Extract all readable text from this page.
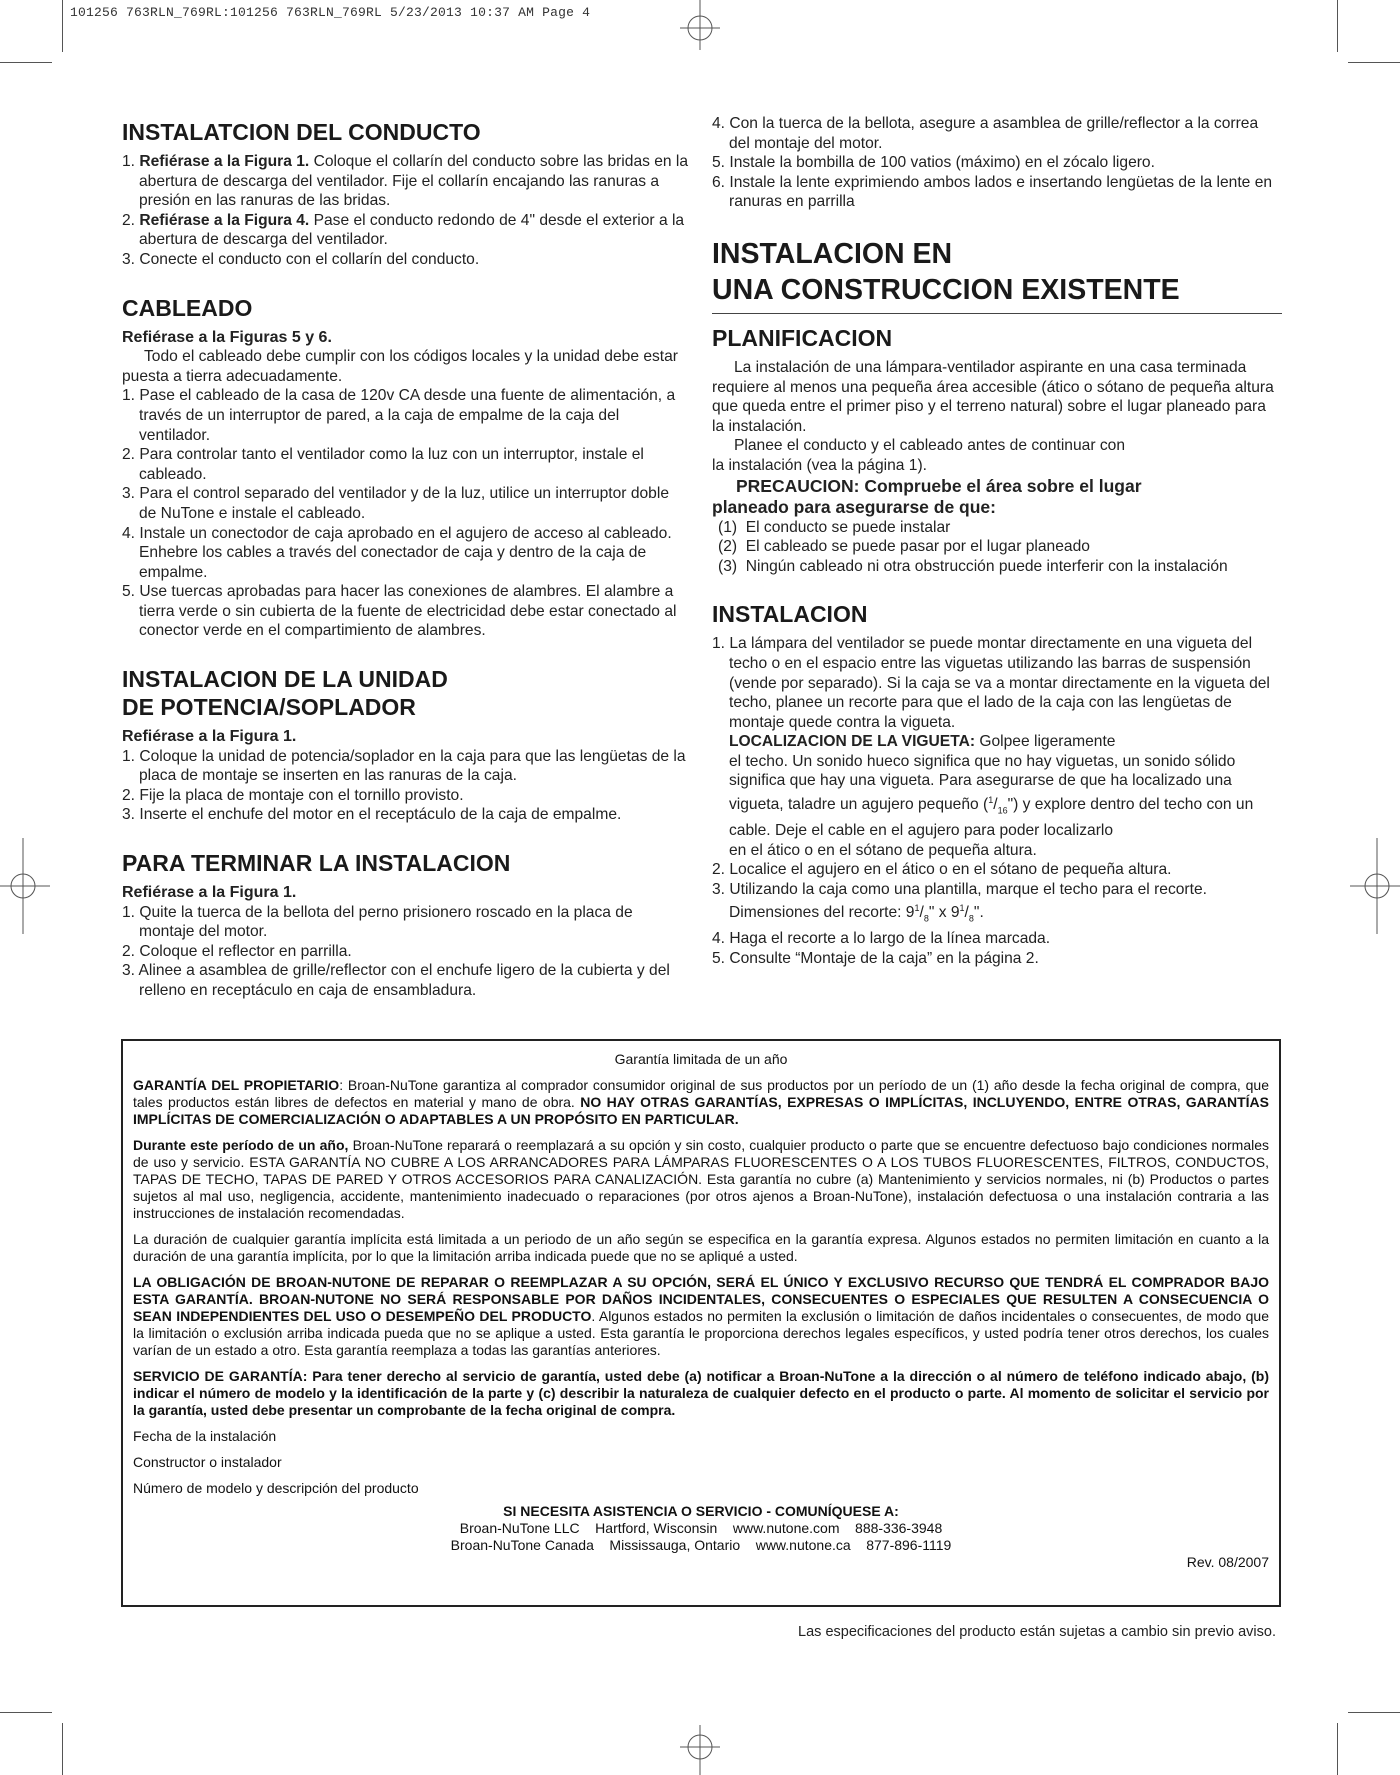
101256 763RLN_769RL:101256 763RLN_769RL 5/23/2013 10:37 AM Page 4
INSTALATCION DEL CONDUCTO
1. Refiérase a la Figura 1. Coloque el collarín del conducto sobre las bridas en la abertura de descarga del ventilador. Fije el collarín encajando las ranuras a presión en las ranuras de las bridas.
2. Refiérase a la Figura 4. Pase el conducto redondo de 4" desde el exterior a la abertura de descarga del ventilador.
3. Conecte el conducto con el collarín del conducto.
CABLEADO

Refiérase a la Figuras 5 y 6.

Todo el cableado debe cumplir con los códigos locales y la unidad debe estar puesta a tierra adecuadamente.

1. Pase el cableado de la casa de 120v CA desde una fuente de alimentación, a través de un interruptor de pared, a la caja de empalme de la caja del ventilador.
2. Para controlar tanto el ventilador como la luz con un interruptor, instale el cableado.
3. Para el control separado del ventilador y de la luz, utilice un interruptor doble de NuTone e instale el cableado.
4. Instale un conectodor de caja aprobado en el agujero de acceso al cableado. Enhebre los cables a través del conectador de caja y dentro de la caja de empalme.
5. Use tuercas aprobadas para hacer las conexiones de alambres. El alambre a tierra verde o sin cubierta de la fuente de electricidad debe estar conectado al conector verde en el compartimiento de alambres.
INSTALACION DE LA UNIDAD
DE POTENCIA/SOPLADOR

Refiérase a la Figura 1.

1. Coloque la unidad de potencia/soplador en la caja para que las lengüetas de la placa de montaje se inserten en las ranuras de la caja.
2. Fije la placa de montaje con el tornillo provisto.
3. Inserte el enchufe del motor en el receptáculo de la caja de empalme.
PARA TERMINAR LA INSTALACION

Refiérase a la Figura 1.

1. Quite la tuerca de la bellota del perno prisionero roscado en la placa de montaje del motor.
2. Coloque el reflector en parrilla.
3. Alinee a asamblea de grille/reflector con el enchufe ligero de la cubierta y del relleno en receptáculo en caja de ensambladura.
4. Con la tuerca de la bellota, asegure a asamblea de grille/reflector a la correa del montaje del motor.
5. Instale la bombilla de 100 vatios (máximo) en el zócalo ligero.
6. Instale la lente exprimiendo ambos lados e insertando lengüetas de la lente en ranuras en parrilla
INSTALACION EN
UNA CONSTRUCCION EXISTENTE
PLANIFICACION

La instalación de una lámpara-ventilador aspirante en una casa terminada requiere al menos una pequeña área accesible (ático o sótano de pequeña altura que queda entre el primer piso y el terreno natural) sobre el lugar planeado para la instalación.

Planee el conducto y el cableado antes de continuar con

la instalación (vea la página 1).

PRECAUCION: Compruebe el área sobre el lugar
planeado para asegurarse de que:

(1) El conducto se puede instalar
(2) El cableado se puede pasar por el lugar planeado
(3) Ningún cableado ni otra obstrucción puede interferir con la instalación
INSTALACION
1. La lámpara del ventilador se puede montar directamente en una vigueta del techo o en el espacio entre las viguetas utilizando las barras de suspensión (vende por separado). Si la caja se va a montar directamente en la vigueta del techo, planee un recorte para que el lado de la caja con las lengüetas de montaje quede contra la vigueta.
LOCALIZACION DE LA VIGUETA: Golpee ligeramente
el techo. Un sonido hueco significa que no hay viguetas, un sonido sólido significa que hay una vigueta. Para asegurarse de que ha localizado una vigueta, taladre un agujero pequeño $(^1/_{16}")$ y explore dentro del techo con un cable. Deje el cable en el agujero para poder localizarlo
en el ático o en el sótano de pequeña altura.
2. Localice el agujero en el ático o en el sótano de pequeña altura.
3. Utilizando la caja como una plantilla, marque el techo para el recorte.
Dimensiones del recorte: $9^1/_8$" x $9^1/_8$".
4. Haga el recorte a lo largo de la línea marcada.
5. Consulte “Montaje de la caja” en la página 2.
Garantía limitada de un año
GARANTÍA DEL PROPIETARIO: Broan-NuTone garantiza al comprador consumidor original de sus productos por un período de un (1) año desde la fecha original de compra, que tales productos están libres de defectos en material y mano de obra. NO HAY OTRAS GARANTÍAS, EXPRESAS O IMPLÍCITAS, INCLUYENDO, ENTRE OTRAS, GARANTÍAS IMPLÍCITAS DE COMERCIALIZACIÓN O ADAPTABLES A UN PROPÓSITO EN PARTICULAR.
Durante este período de un año, Broan-NuTone reparará o reemplazará a su opción y sin costo, cualquier producto o parte que se encuentre defectuoso bajo condiciones normales de uso y servicio. ESTA GARANTÍA NO CUBRE A LOS ARRANCADORES PARA LÁMPARAS FLUORESCENTES O A LOS TUBOS FLUORESCENTES, FILTROS, CONDUCTOS, TAPAS DE TECHO, TAPAS DE PARED Y OTROS ACCESORIOS PARA CANALIZACIÓN. Esta garantía no cubre (a) Mantenimiento y servicios normales, ni (b) Productos o partes sujetos al mal uso, negligencia, accidente, mantenimiento inadecuado o reparaciones (por otros ajenos a Broan-NuTone), instalación defectuosa o una instalación contraria a las instrucciones de instalación recomendadas.
La duración de cualquier garantía implícita está limitada a un periodo de un año según se especifica en la garantía expresa. Algunos estados no permiten limitación en cuanto a la duración de una garantía implícita, por lo que la limitación arriba indicada puede que no se apliqué a usted.
LA OBLIGACIÓN DE BROAN-NUTONE DE REPARAR O REEMPLAZAR A SU OPCIÓN, SERÁ EL ÚNICO Y EXCLUSIVO RECURSO QUE TENDRÁ EL COMPRADOR BAJO ESTA GARANTÍA. BROAN-NUTONE NO SERÁ RESPONSABLE POR DAÑOS INCIDENTALES, CONSECUENTES O ESPECIALES QUE RESULTEN A CONSECUENCIA O SEAN INDEPENDIENTES DEL USO O DESEMPEÑO DEL PRODUCTO. Algunos estados no permiten la exclusión o limitación de daños incidentales o consecuentes, de modo que la limitación o exclusión arriba indicada pueda que no se aplique a usted. Esta garantía le proporciona derechos legales específicos, y usted podría tener otros derechos, los cuales varían de un estado a otro. Esta garantía reemplaza a todas las garantías anteriores.
SERVICIO DE GARANTÍA: Para tener derecho al servicio de garantía, usted debe (a) notificar a Broan-NuTone a la dirección o al número de teléfono indicado abajo, (b) indicar el número de modelo y la identificación de la parte y (c) describir la naturaleza de cualquier defecto en el producto o parte. Al momento de solicitar el servicio por la garantía, usted debe presentar un comprobante de la fecha original de compra.
Fecha de la instalación
Constructor o instalador
Número de modelo y descripción del producto
SI NECESITA ASISTENCIA O SERVICIO - COMUNÍQUESE A:
Broan-NuTone LLC    Hartford, Wisconsin    www.nutone.com    888-336-3948
Broan-NuTone Canada    Mississauga, Ontario    www.nutone.ca    877-896-1119
Rev. 08/2007
Las especificaciones del producto están sujetas a cambio sin previo aviso.
